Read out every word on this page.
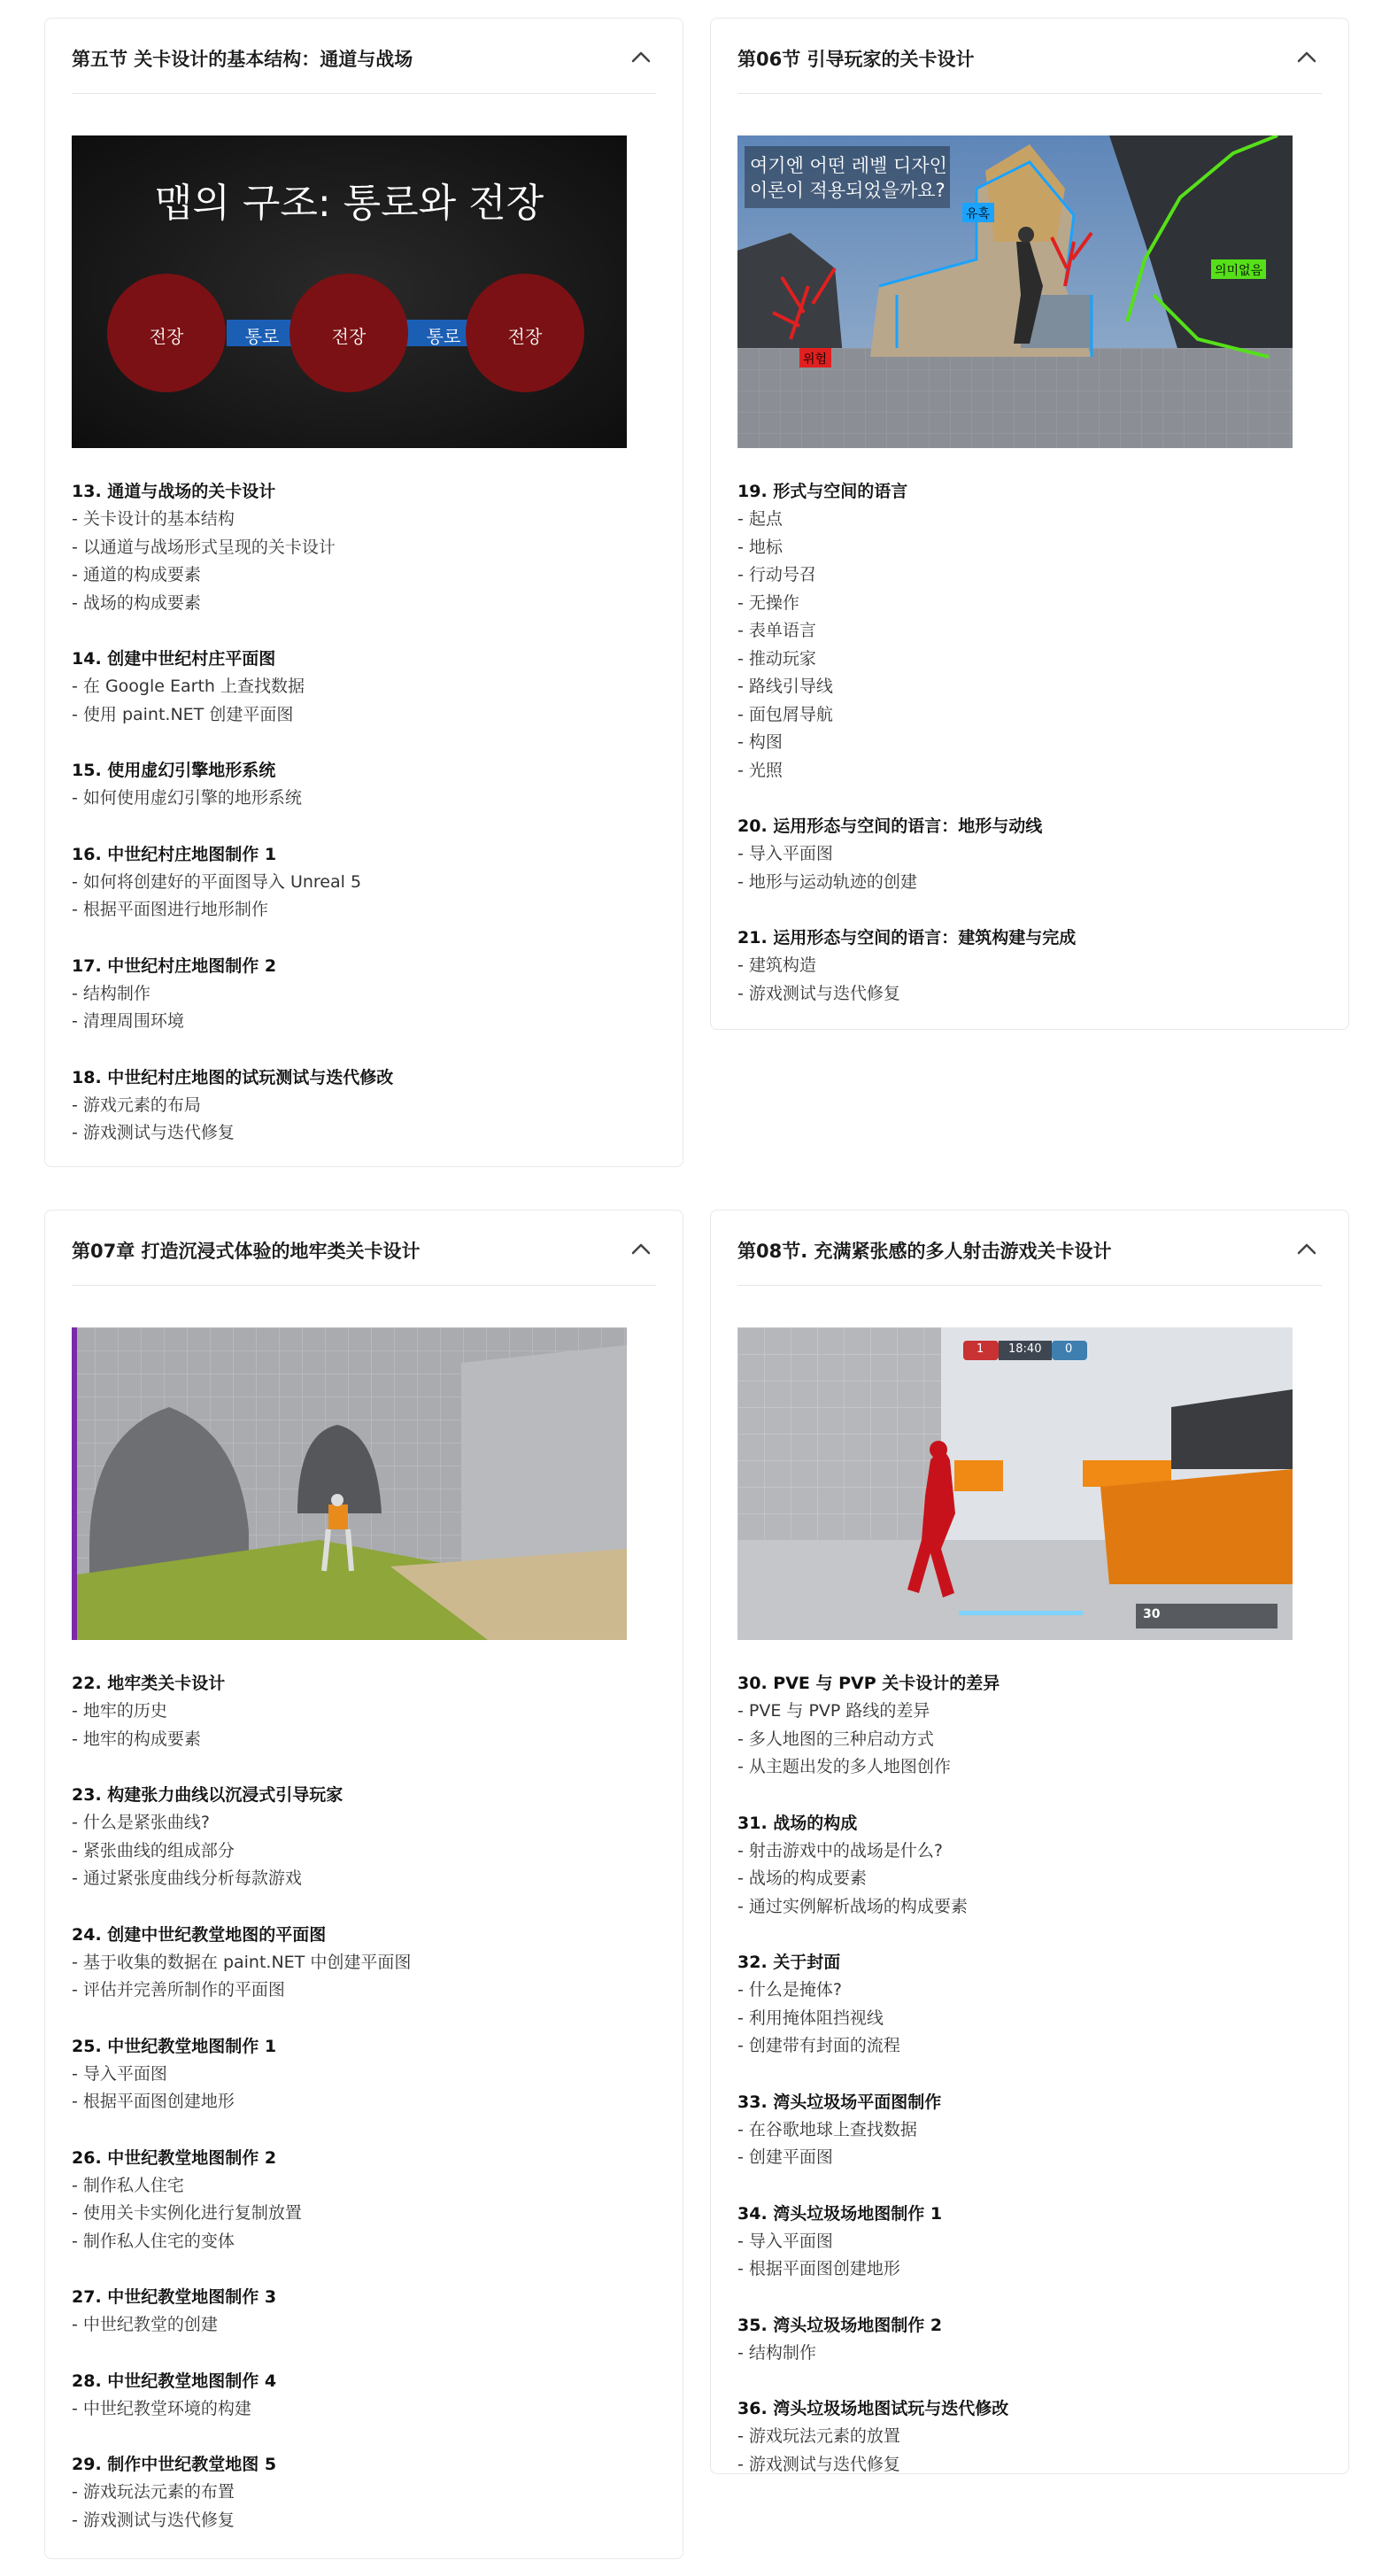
第五节 关卡设计的基本结构：通道与战场
맵의 구조: 통로와 전장
전장	통로	전장	통로	전장
13. 通道与战场的关卡设计
- 关卡设计的基本结构
- 以通道与战场形式呈现的关卡设计
- 通道的构成要素
- 战场的构成要素
14. 创建中世纪村庄平面图
- 在 Google Earth 上查找数据
- 使用 paint.NET 创建平面图
15. 使用虚幻引擎地形系统
- 如何使用虚幻引擎的地形系统
16. 中世纪村庄地图制作 1
- 如何将创建好的平面图导入 Unreal 5
- 根据平面图进行地形制作
17. 中世纪村庄地图制作 2
- 结构制作
- 清理周围环境
18. 中世纪村庄地图的试玩测试与迭代修改
- 游戏元素的布局
- 游戏测试与迭代修复
第06节 引导玩家的关卡设计
여기엔 어떤 레벨 디자인
이론이 적용되었을까요?
유혹
위험
의미없음
19. 形式与空间的语言
- 起点
- 地标
- 行动号召
- 无操作
- 表单语言
- 推动玩家
- 路线引导线
- 面包屑导航
- 构图
- 光照
20. 运用形态与空间的语言：地形与动线
- 导入平面图
- 地形与运动轨迹的创建
21. 运用形态与空间的语言：建筑构建与完成
- 建筑构造
- 游戏测试与迭代修复
第07章 打造沉浸式体验的地牢类关卡设计
22. 地牢类关卡设计
- 地牢的历史
- 地牢的构成要素
23. 构建张力曲线以沉浸式引导玩家
- 什么是紧张曲线?
- 紧张曲线的组成部分
- 通过紧张度曲线分析每款游戏
24. 创建中世纪教堂地图的平面图
- 基于收集的数据在 paint.NET 中创建平面图
- 评估并完善所制作的平面图
25. 中世纪教堂地图制作 1
- 导入平面图
- 根据平面图创建地形
26. 中世纪教堂地图制作 2
- 制作私人住宅
- 使用关卡实例化进行复制放置
- 制作私人住宅的变体
27. 中世纪教堂地图制作 3
- 中世纪教堂的创建
28. 中世纪教堂地图制作 4
- 中世纪教堂环境的构建
29. 制作中世纪教堂地图 5
- 游戏玩法元素的布置
- 游戏测试与迭代修复
第08节. 充满紧张感的多人射击游戏关卡设计
1 18:40 0
30
30. PVE 与 PVP 关卡设计的差异
- PVE 与 PVP 路线的差异
- 多人地图的三种启动方式
- 从主题出发的多人地图创作
31. 战场的构成
- 射击游戏中的战场是什么?
- 战场的构成要素
- 通过实例解析战场的构成要素
32. 关于封面
- 什么是掩体?
- 利用掩体阻挡视线
- 创建带有封面的流程
33. 湾头垃圾场平面图制作
- 在谷歌地球上查找数据
- 创建平面图
34. 湾头垃圾场地图制作 1
- 导入平面图
- 根据平面图创建地形
35. 湾头垃圾场地图制作 2
- 结构制作
36. 湾头垃圾场地图试玩与迭代修改
- 游戏玩法元素的放置
- 游戏测试与迭代修复
